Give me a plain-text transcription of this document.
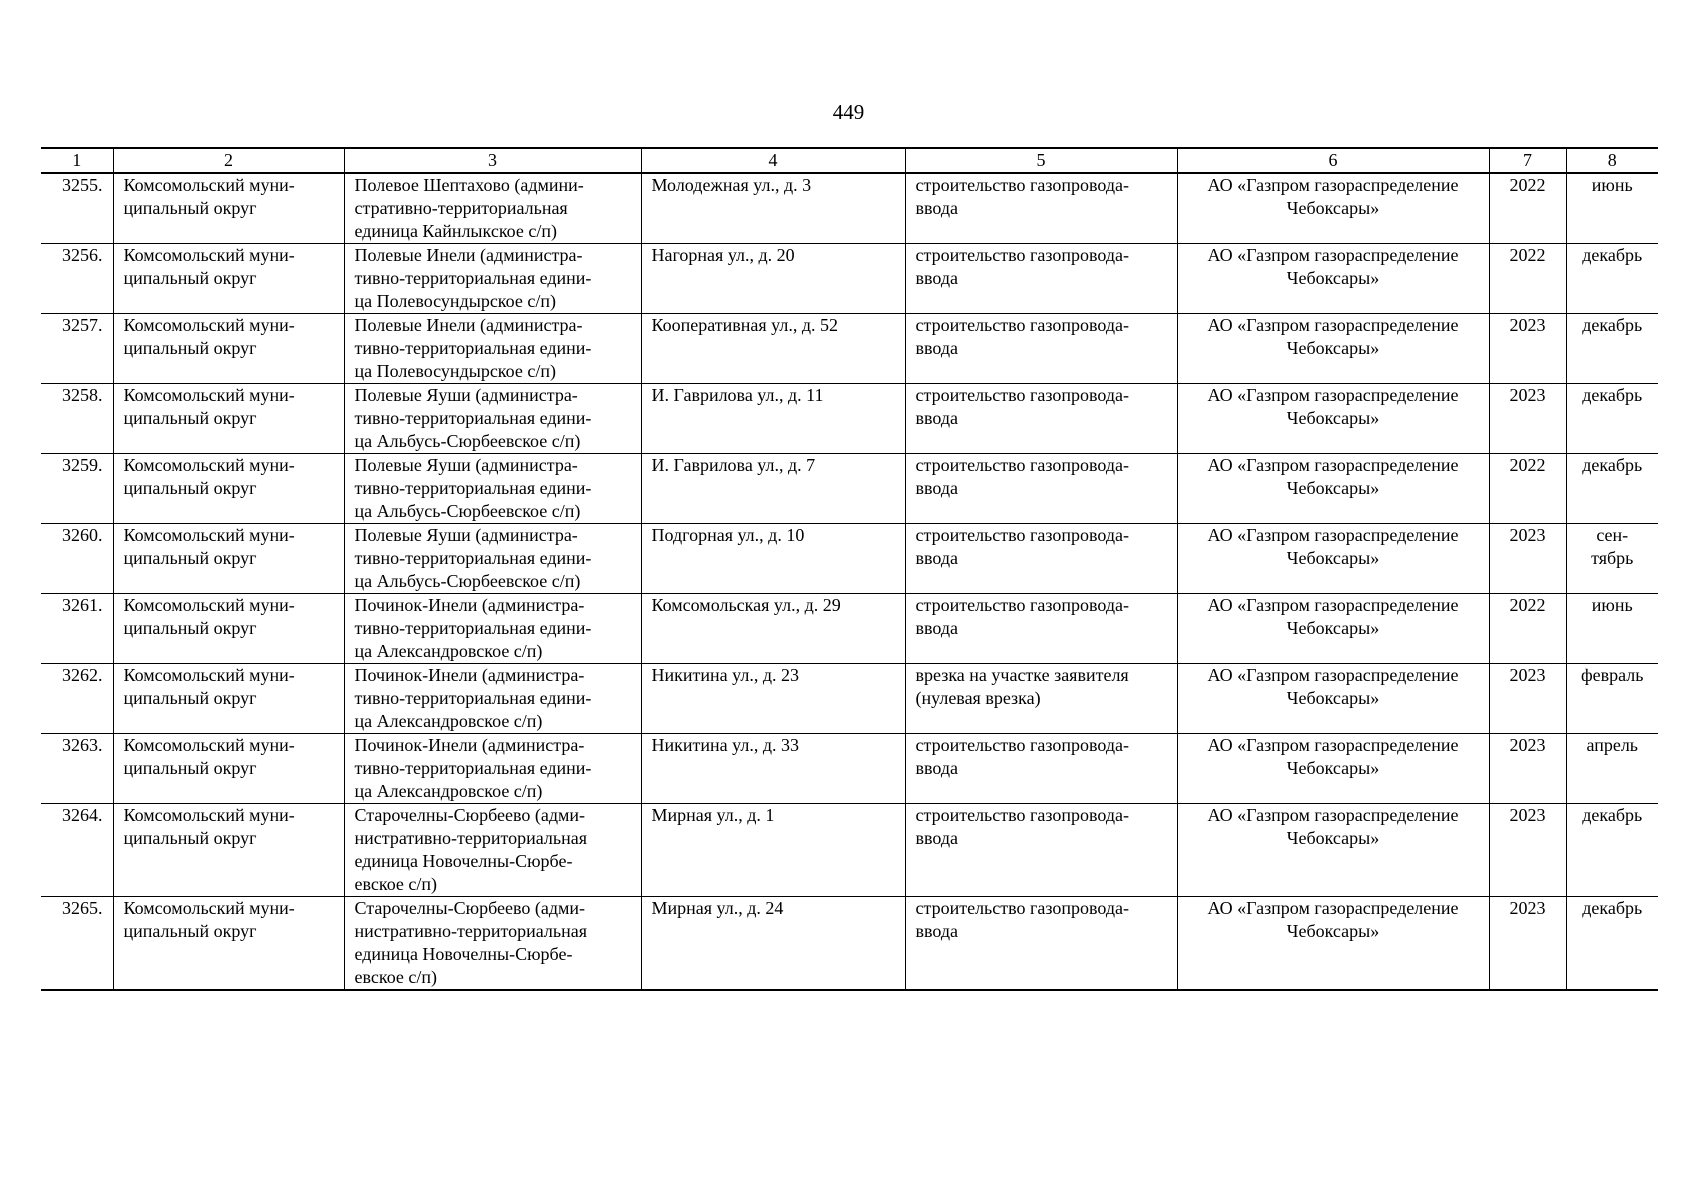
449
1	2	3	4	5	6	7	8
3255.	Комсомольский муни-
ципальный округ	Полевое Шептахово (админи-
стративно-территориальная
единица Кайнлыкское с/п)	Молодежная ул., д. 3	строительство газопровода-
ввода	АО «Газпром газораспределение
Чебоксары»	2022	июнь

3256.	Комсомольский муни-
ципальный округ	Полевые Инели (администра-
тивно-территориальная едини-
ца Полевосундырское с/п)	Нагорная ул., д. 20	строительство газопровода-
ввода	АО «Газпром газораспределение
Чебоксары»	2022	декабрь

3257.	Комсомольский муни-
ципальный округ	Полевые Инели (администра-
тивно-территориальная едини-
ца Полевосундырское с/п)	Кооперативная ул., д. 52	строительство газопровода-
ввода	АО «Газпром газораспределение
Чебоксары»	2023	декабрь

3258.	Комсомольский муни-
ципальный округ	Полевые Яуши (администра-
тивно-территориальная едини-
ца Альбусь-Сюрбеевское с/п)	И. Гаврилова ул., д. 11	строительство газопровода-
ввода	АО «Газпром газораспределение
Чебоксары»	2023	декабрь

3259.	Комсомольский муни-
ципальный округ	Полевые Яуши (администра-
тивно-территориальная едини-
ца Альбусь-Сюрбеевское с/п)	И. Гаврилова ул., д. 7	строительство газопровода-
ввода	АО «Газпром газораспределение
Чебоксары»	2022	декабрь

3260.	Комсомольский муни-
ципальный округ	Полевые Яуши (администра-
тивно-территориальная едини-
ца Альбусь-Сюрбеевское с/п)	Подгорная ул., д. 10	строительство газопровода-
ввода	АО «Газпром газораспределение
Чебоксары»	2023	сен-
тябрь

3261.	Комсомольский муни-
ципальный округ	Починок-Инели (администра-
тивно-территориальная едини-
ца Александровское с/п)	Комсомольская ул., д. 29	строительство газопровода-
ввода	АО «Газпром газораспределение
Чебоксары»	2022	июнь

3262.	Комсомольский муни-
ципальный округ	Починок-Инели (администра-
тивно-территориальная едини-
ца Александровское с/п)	Никитина ул., д. 23	врезка на участке заявителя
(нулевая врезка)	АО «Газпром газораспределение
Чебоксары»	2023	февраль

3263.	Комсомольский муни-
ципальный округ	Починок-Инели (администра-
тивно-территориальная едини-
ца Александровское с/п)	Никитина ул., д. 33	строительство газопровода-
ввода	АО «Газпром газораспределение
Чебоксары»	2023	апрель

3264.	Комсомольский муни-
ципальный округ	Старочелны-Сюрбеево (адми-
нистративно-территориальная
единица Новочелны-Сюрбе-
евское с/п)	Мирная ул., д. 1	строительство газопровода-
ввода	АО «Газпром газораспределение
Чебоксары»	2023	декабрь

3265.	Комсомольский муни-
ципальный округ	Старочелны-Сюрбеево (адми-
нистративно-территориальная
единица Новочелны-Сюрбе-
евское с/п)	Мирная ул., д. 24	строительство газопровода-
ввода	АО «Газпром газораспределение
Чебоксары»	2023	декабрь
